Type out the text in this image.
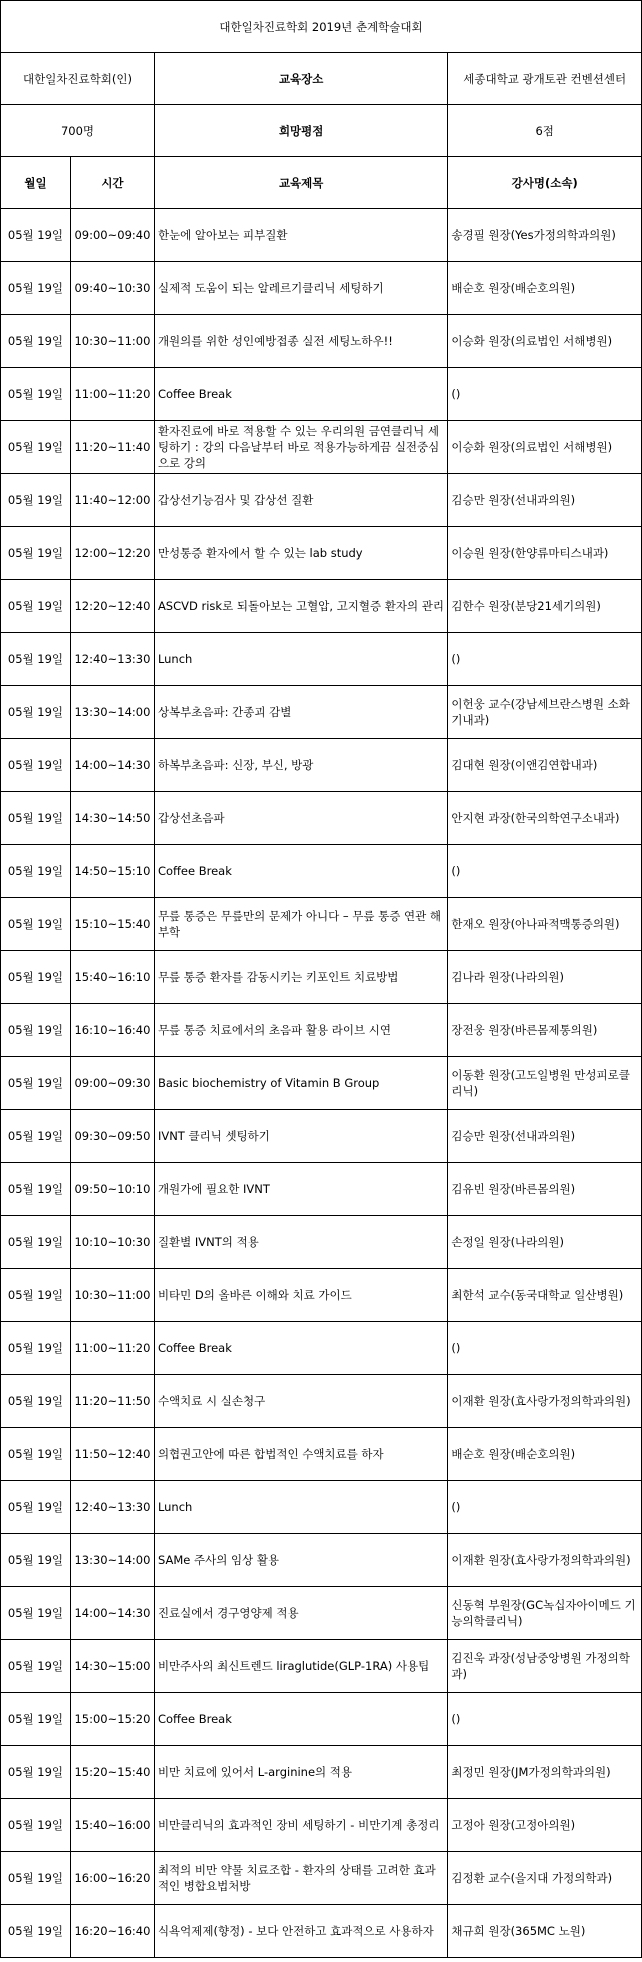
대한일차진료학회 2019년 춘계학술대회			
대한일차진료학회(인)		교육장소	세종대학교 광개토관 컨벤션센터
700명		희망평점	6점
월일	시간	교육제목	강사명(소속)
05월 19일	09:00~09:40	한눈에 알아보는 피부질환	송경필 원장(Yes가정의학과의원)
05월 19일	09:40~10:30	실제적 도움이 되는 알레르기클리닉 세팅하기	배순호 원장(배순호의원)
05월 19일	10:30~11:00	개원의를 위한 성인예방접종 실전 세팅노하우!!	이승화 원장(의료법인 서해병원)
05월 19일	11:00~11:20	Coffee Break	()
05월 19일	11:20~11:40	환자진료에 바로 적용할 수 있는 우리의원 금연클리닉 세팅하기 : 강의 다음날부터 바로 적용가능하게끔 실전중심으로 강의	이승화 원장(의료법인 서해병원)
05월 19일	11:40~12:00	갑상선기능검사 및 갑상선 질환	김승만 원장(선내과의원)
05월 19일	12:00~12:20	만성통증 환자에서 할 수 있는 lab study	이승원 원장(한양류마티스내과)
05월 19일	12:20~12:40	ASCVD risk로 되돌아보는 고혈압, 고지혈증 환자의 관리	김한수 원장(분당21세기의원)
05월 19일	12:40~13:30	Lunch	()
05월 19일	13:30~14:00	상복부초음파: 간종괴 감별	이헌웅 교수(강남세브란스병원 소화기내과)
05월 19일	14:00~14:30	하복부초음파: 신장, 부신, 방광	김대현 원장(이앤김연합내과)
05월 19일	14:30~14:50	갑상선초음파	안지현 과장(한국의학연구소내과)
05월 19일	14:50~15:10	Coffee Break	()
05월 19일	15:10~15:40	무릎 통증은 무릎만의 문제가 아니다 – 무릎 통증 연관 해부학	한재오 원장(아나파적맥통증의원)
05월 19일	15:40~16:10	무릎 통증 환자를 감동시키는 키포인트 치료방법	김나라 원장(나라의원)
05월 19일	16:10~16:40	무릎 통증 치료에서의 초음파 활용 라이브 시연	장전웅 원장(바른몸제통의원)
05월 19일	09:00~09:30	Basic biochemistry of Vitamin B Group	이동환 원장(고도일병원 만성피로클리닉)
05월 19일	09:30~09:50	IVNT 클리닉 셋팅하기	김승만 원장(선내과의원)
05월 19일	09:50~10:10	개원가에 필요한 IVNT	김유빈 원장(바른몸의원)
05월 19일	10:10~10:30	질환별 IVNT의 적용	손정일 원장(나라의원)
05월 19일	10:30~11:00	비타민 D의 올바른 이해와 치료 가이드	최한석 교수(동국대학교 일산병원)
05월 19일	11:00~11:20	Coffee Break	()
05월 19일	11:20~11:50	수액치료 시 실손청구	이재환 원장(효사랑가정의학과의원)
05월 19일	11:50~12:40	의협권고안에 따른 합법적인 수액치료를 하자	배순호 원장(배순호의원)
05월 19일	12:40~13:30	Lunch	()
05월 19일	13:30~14:00	SAMe 주사의 임상 활용	이재환 원장(효사랑가정의학과의원)
05월 19일	14:00~14:30	진료실에서 경구영양제 적용	신동혁 부원장(GC녹십자아이메드 기능의학클리닉)
05월 19일	14:30~15:00	비만주사의 최신트렌드 liraglutide(GLP-1RA) 사용팁	김진욱 과장(성남중앙병원 가정의학과)
05월 19일	15:00~15:20	Coffee Break	()
05월 19일	15:20~15:40	비만 치료에 있어서 L-arginine의 적용	최정민 원장(JM가정의학과의원)
05월 19일	15:40~16:00	비만클리닉의 효과적인 장비 세팅하기 - 비만기계 총정리	고정아 원장(고정아의원)
05월 19일	16:00~16:20	최적의 비만 약물 치료조합 - 환자의 상태를 고려한 효과적인 병합요법처방	김정환 교수(을지대 가정의학과)
05월 19일	16:20~16:40	식욕억제제(향정) - 보다 안전하고 효과적으로 사용하자	채규희 원장(365MC 노원)
